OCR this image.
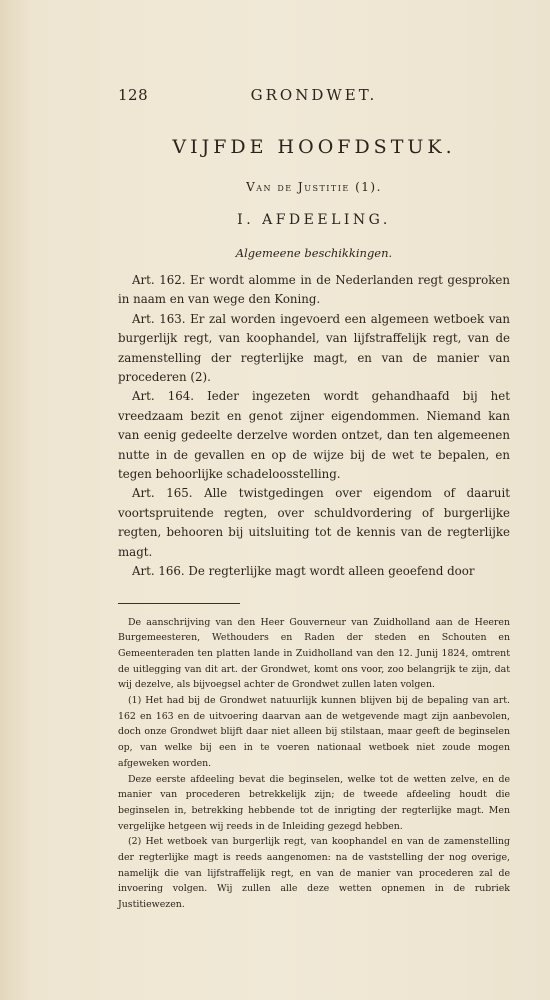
128	GRONDWET.
VIJFDE HOOFDSTUK.
Van de Justitie (1).
I. AFDEELING.
Algemeene beschikkingen.

Art. 162. Er wordt alomme in de Nederlanden regt gesproken in naam en van wege den Koning.

Art. 163. Er zal worden ingevoerd een algemeen wetboek van burgerlijk regt, van koophandel, van lijfstraffelijk regt, van de zamenstelling der regterlijke magt, en van de manier van procederen (2).

Art. 164. Ieder ingezeten wordt gehandhaafd bij het vreedzaam bezit en genot zijner eigendommen. Niemand kan van eenig gedeelte derzelve worden ontzet, dan ten algemeenen nutte in de gevallen en op de wijze bij de wet te bepalen, en tegen behoorlijke schadeloosstelling.

Art. 165. Alle twistgedingen over eigendom of daaruit voortspruitende regten, over schuldvordering of burgerlijke regten, behooren bij uitsluiting tot de kennis van de regterlijke magt.

Art. 166. De regterlijke magt wordt alleen geoefend door

De aanschrijving van den Heer Gouverneur van Zuidholland aan de Heeren Burgemeesteren, Wethouders en Raden der steden en Schouten en Gemeenteraden ten platten lande in Zuidholland van den 12. Junij 1824, omtrent de uitlegging van dit art. der Grondwet, komt ons voor, zoo belangrijk te zijn, dat wij dezelve, als bijvoegsel achter de Grondwet zullen laten volgen.

(1) Het had bij de Grondwet natuurlijk kunnen blijven bij de bepaling van art. 162 en 163 en de uitvoering daarvan aan de wetgevende magt zijn aanbevolen, doch onze Grondwet blijft daar niet alleen bij stilstaan, maar geeft de beginselen op, van welke bij een in te voeren nationaal wetboek niet zoude mogen afgeweken worden.

Deze eerste afdeeling bevat die beginselen, welke tot de wetten zelve, en de manier van procederen betrekkelijk zijn; de tweede afdeeling houdt die beginselen in, betrekking hebbende tot de inrigting der regterlijke magt. Men vergelijke hetgeen wij reeds in de Inleiding gezegd hebben.

(2) Het wetboek van burgerlijk regt, van koophandel en van de zamenstelling der regterlijke magt is reeds aangenomen: na de vaststelling der nog overige, namelijk die van lijfstraffelijk regt, en van de manier van procederen zal de invoering volgen. Wij zullen alle deze wetten opnemen in de rubriek Justitiewezen.
